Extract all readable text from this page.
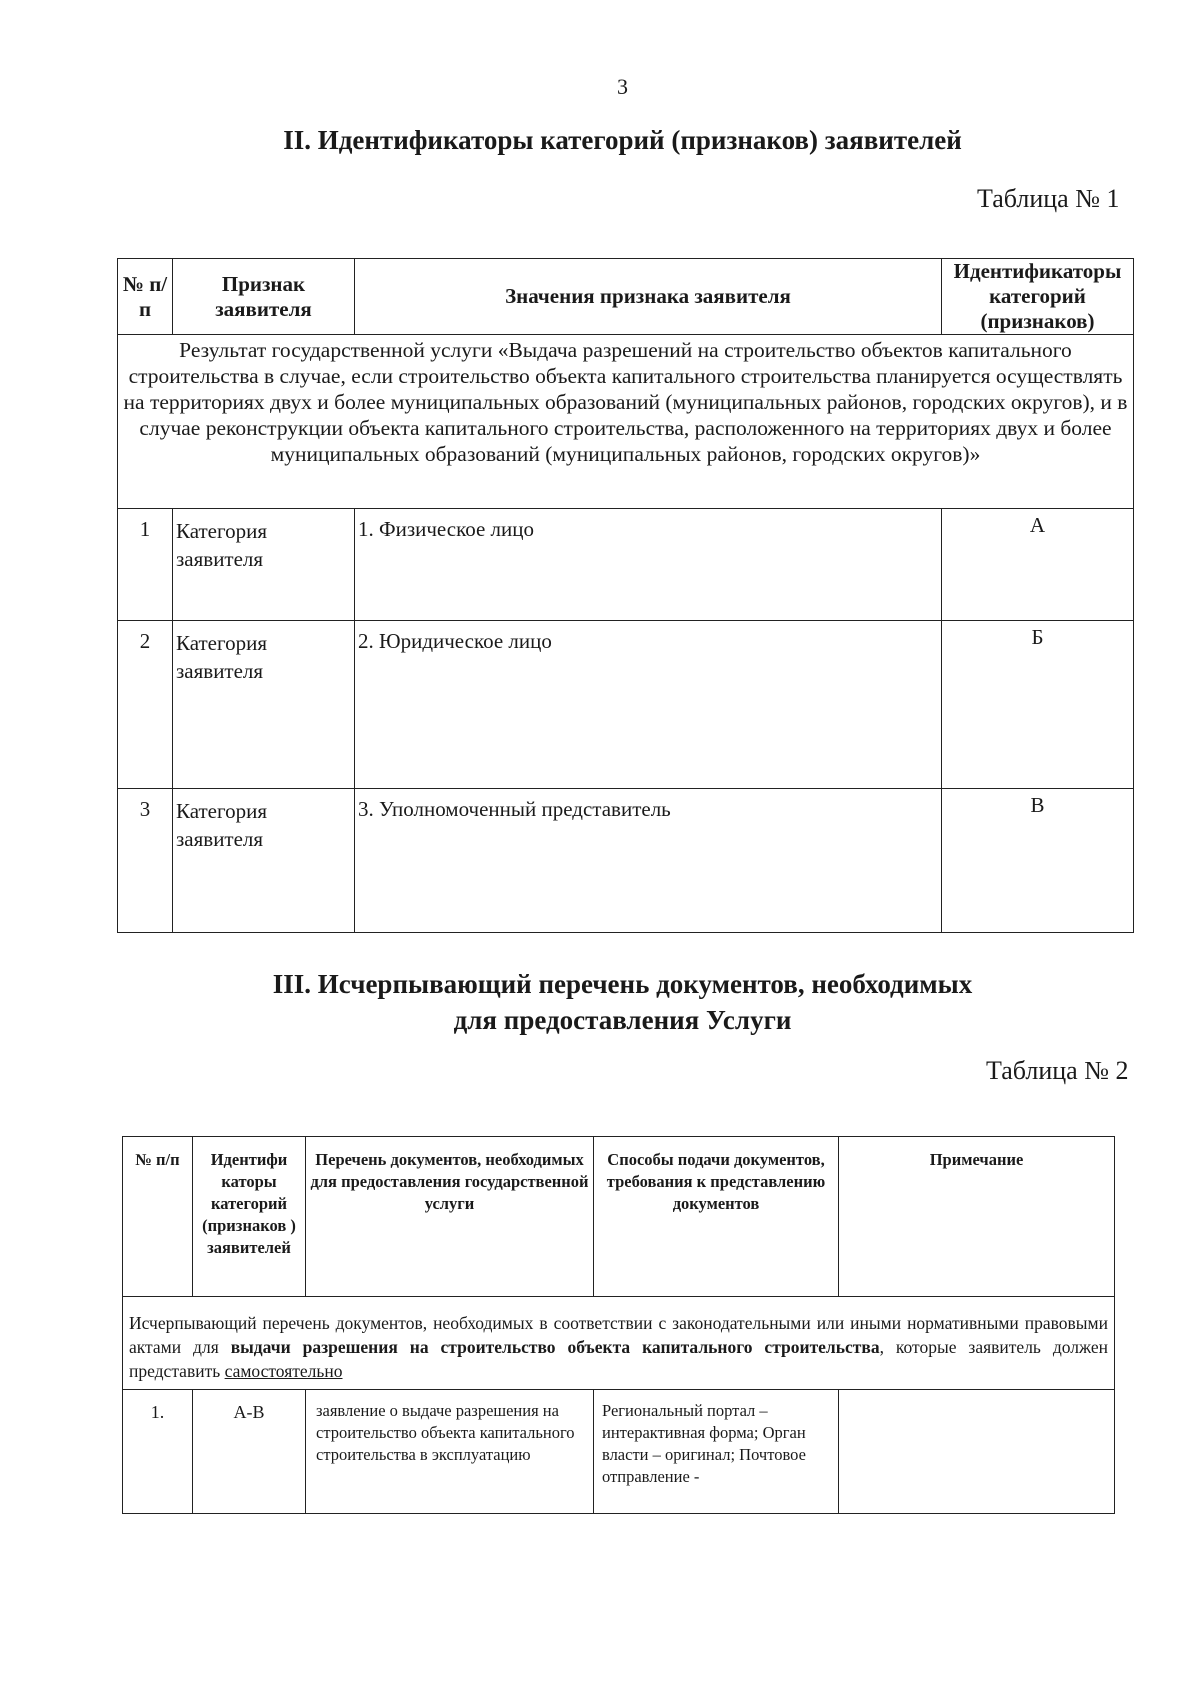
3
II. Идентификаторы категорий (признаков) заявителей
Таблица № 1
№ п/п	Признак заявителя	Значения признака заявителя	Идентификаторы категорий (признаков)
Результат государственной услуги «Выдача разрешений на строительство объектов капитального строительства в случае, если строительство объекта капитального строительства планируется осуществлять на территориях двух и более муниципальных образований (муниципальных районов, городских округов), и в случае реконструкции объекта капитального строительства, расположенного на территориях двух и более муниципальных образований (муниципальных районов, городских округов)»			
1	Категория заявителя	1. Физическое лицо	А
2	Категория заявителя	2. Юридическое лицо	Б
3	Категория заявителя	3. Уполномоченный представитель	В
III. Исчерпывающий перечень документов, необходимых
для предоставления Услуги
Таблица № 2
№ п/п	Идентифи каторы категорий (признаков ) заявителей	Перечень документов, необходимых для предоставления государственной услуги	Способы подачи документов, требования к представлению документов	Примечание
Исчерпывающий перечень документов, необходимых в соответствии с законодательными или иными нормативными правовыми актами для выдачи разрешения на строительство объекта капитального строительства, которые заявитель должен представить самостоятельно				
1.	А-В	заявление о выдаче разрешения на строительство объекта капитального строительства в эксплуатацию	Региональный портал – интерактивная форма; Орган власти – оригинал; Почтовое отправление -	
